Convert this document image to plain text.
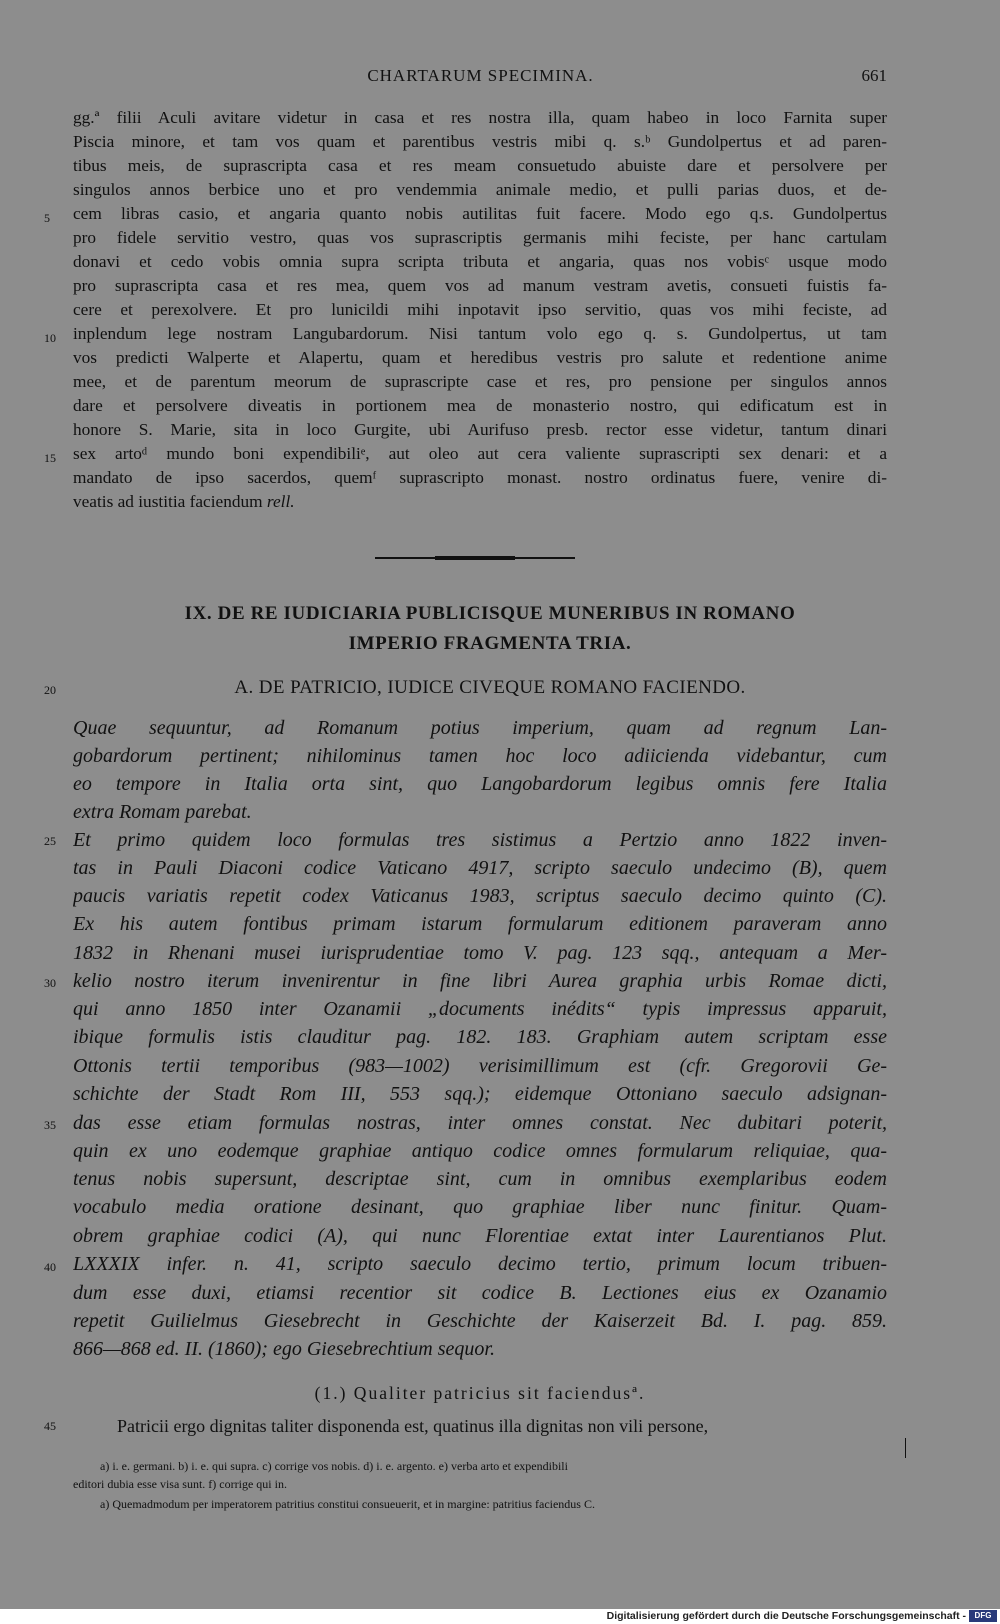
CHARTARUM SPECIMINA.	661
gg.ª filii Aculi avitare videtur in casa et res nostra illa, quam habeo in loco Farnita super
Piscia minore, et tam vos quam et parentibus vestris mibi q. s.ᵇ Gundolpertus et ad paren-
tibus meis, de suprascripta casa et res meam consuetudo abuiste dare et persolvere per
singulos annos berbice uno et pro vendemmia animale medio, et pulli parias duos, et de-
cem libras casio, et angaria quanto nobis autilitas fuit facere. Modo ego q.s. Gundolpertus
pro fidele servitio vestro, quas vos suprascriptis germanis mihi feciste, per hanc cartulam
donavi et cedo vobis omnia supra scripta tributa et angaria, quas nos vobisᶜ usque modo
pro suprascripta casa et res mea, quem vos ad manum vestram avetis, consueti fuistis fa-
cere et perexolvere. Et pro lunicildi mihi inpotavit ipso servitio, quas vos mihi feciste, ad
inplendum lege nostram Langubardorum. Nisi tantum volo ego q. s. Gundolpertus, ut tam
vos predicti Walperte et Alapertu, quam et heredibus vestris pro salute et redentione anime
mee, et de parentum meorum de suprascripte case et res, pro pensione per singulos annos
dare et persolvere diveatis in portionem mea de monasterio nostro, qui edificatum est in
honore S. Marie, sita in loco Gurgite, ubi Aurifuso presb. rector esse videtur, tantum dinari
sex artoᵈ mundo boni expendibiliᵉ, aut oleo aut cera valiente suprascripti sex denari: et a
mandato de ipso sacerdos, quemᶠ suprascripto monast. nostro ordinatus fuere, venire di-
veatis ad iustitia faciendum rell.
5
10
15
20
25
30
35
40
45
IX. DE RE IUDICIARIA PUBLICISQUE MUNERIBUS IN ROMANO
IMPERIO FRAGMENTA TRIA.
A. DE PATRICIO, IUDICE CIVEQUE ROMANO FACIENDO.
Quae sequuntur, ad Romanum potius imperium, quam ad regnum Lan-
gobardorum pertinent; nihilominus tamen hoc loco adiicienda videbantur, cum
eo tempore in Italia orta sint, quo Langobardorum legibus omnis fere Italia
extra Romam parebat.
Et primo quidem loco formulas tres sistimus a Pertzio anno 1822 inven-
tas in Pauli Diaconi codice Vaticano 4917, scripto saeculo undecimo (B), quem
paucis variatis repetit codex Vaticanus 1983, scriptus saeculo decimo quinto (C).
Ex his autem fontibus primam istarum formularum editionem paraveram anno
1832 in Rhenani musei iurisprudentiae tomo V. pag. 123 sqq., antequam a Mer-
kelio nostro iterum invenirentur in fine libri Aurea graphia urbis Romae dicti,
qui anno 1850 inter Ozanamii „documents inédits“ typis impressus apparuit,
ibique formulis istis clauditur pag. 182. 183. Graphiam autem scriptam esse
Ottonis tertii temporibus (983—1002) verisimillimum est (cfr. Gregorovii Ge-
schichte der Stadt Rom III, 553 sqq.); eidemque Ottoniano saeculo adsignan-
das esse etiam formulas nostras, inter omnes constat. Nec dubitari poterit,
quin ex uno eodemque graphiae antiquo codice omnes formularum reliquiae, qua-
tenus nobis supersunt, descriptae sint, cum in omnibus exemplaribus eodem
vocabulo media oratione desinant, quo graphiae liber nunc finitur. Quam-
obrem graphiae codici (A), qui nunc Florentiae extat inter Laurentianos Plut.
LXXXIX infer. n. 41, scripto saeculo decimo tertio, primum locum tribuen-
dum esse duxi, etiamsi recentior sit codice B. Lectiones eius ex Ozanamio
repetit Guilielmus Giesebrecht in Geschichte der Kaiserzeit Bd. I. pag. 859.
866—868 ed. II. (1860); ego Giesebrechtium sequor.
(1.) Qualiter patricius sit faciendusª.
Patricii ergo dignitas taliter disponenda est, quatinus illa dignitas non vili persone,
a) i. e. germani. b) i. e. qui supra. c) corrige vos nobis. d) i. e. argento. e) verba arto et expendibili
editori dubia esse visa sunt. f) corrige qui in.
a) Quemadmodum per imperatorem patritius constitui consueuerit, et in margine: patritius faciendus C.
Digitalisierung gefördert durch die Deutsche Forschungsgemeinschaft -	DFG
